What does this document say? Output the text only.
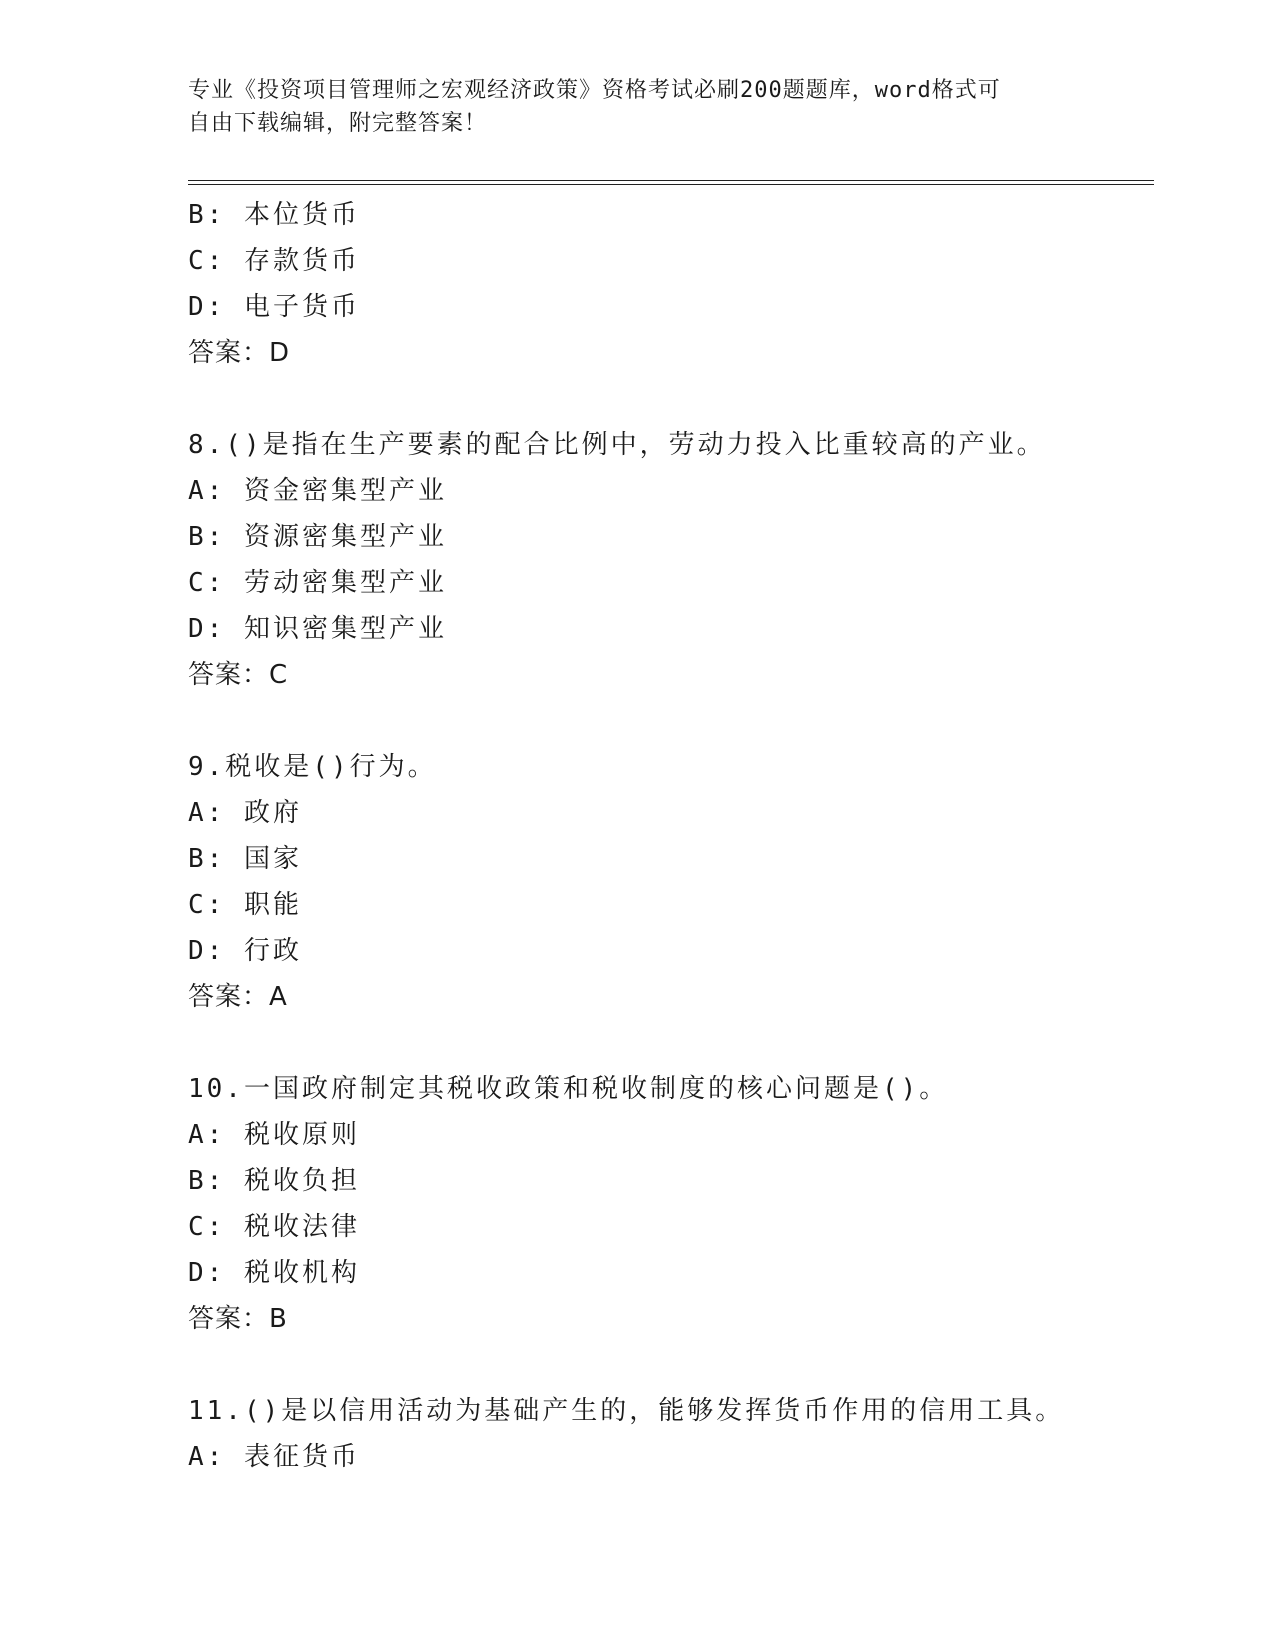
专业《投资项目管理师之宏观经济政策》资格考试必刷200题题库，word格式可
自由下载编辑，附完整答案！
B: 本位货币
C: 存款货币
D: 电子货币
答案：D
8.()是指在生产要素的配合比例中，劳动力投入比重较高的产业。
A: 资金密集型产业
B: 资源密集型产业
C: 劳动密集型产业
D: 知识密集型产业
答案：C
9.税收是()行为。
A: 政府
B: 国家
C: 职能
D: 行政
答案：A
10.一国政府制定其税收政策和税收制度的核心问题是()。
A: 税收原则
B: 税收负担
C: 税收法律
D: 税收机构
答案：B
11.()是以信用活动为基础产生的，能够发挥货币作用的信用工具。
A: 表征货币
